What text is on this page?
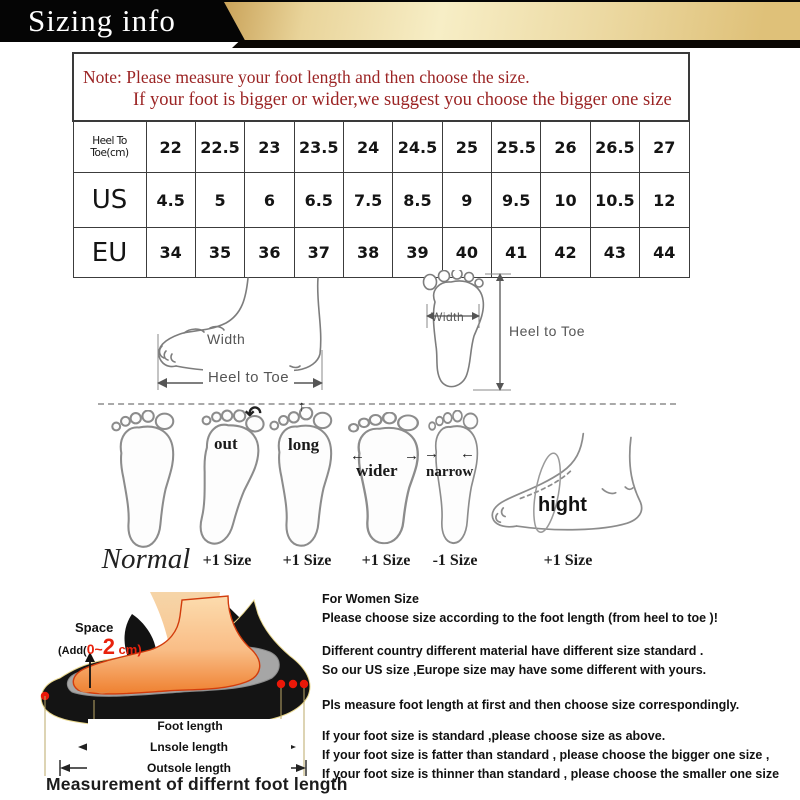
Sizing info
Note: Please measure your foot length and then choose the size.
If your foot is bigger or wider,we suggest you choose the bigger one size											

Heel To Toe(cm)	22	22.5	23	23.5	24	24.5	25	25.5	26	26.5	27
US	4.5	5	6	6.5	7.5	8.5	9	9.5	10	10.5	12
EU	34	35	36	37	38	39	40	41	42	43	44
Width
Heel to Toe
Width
Heel to Toe
↶
out
↑
long
←	→
wider
→ ←
narrow
hight
Normal +1 Size	+1 Size	+1 Size	-1 Size	+1 Size
Space
(Add(0~2 cm)
Foot length
Lnsole length
Outsole length
Measurement of differnt foot length
For Women Size
Please choose size according to the foot length (from heel to toe )!
Different country different material have different size standard .
So our US size ,Europe size may have some different with yours.
Pls measure foot length at first and then choose size correspondingly.
If your foot size is standard ,please choose size as above.
If your foot size is fatter than standard , please choose the bigger one size ,
If your foot size is thinner than standard , please choose the smaller one size
